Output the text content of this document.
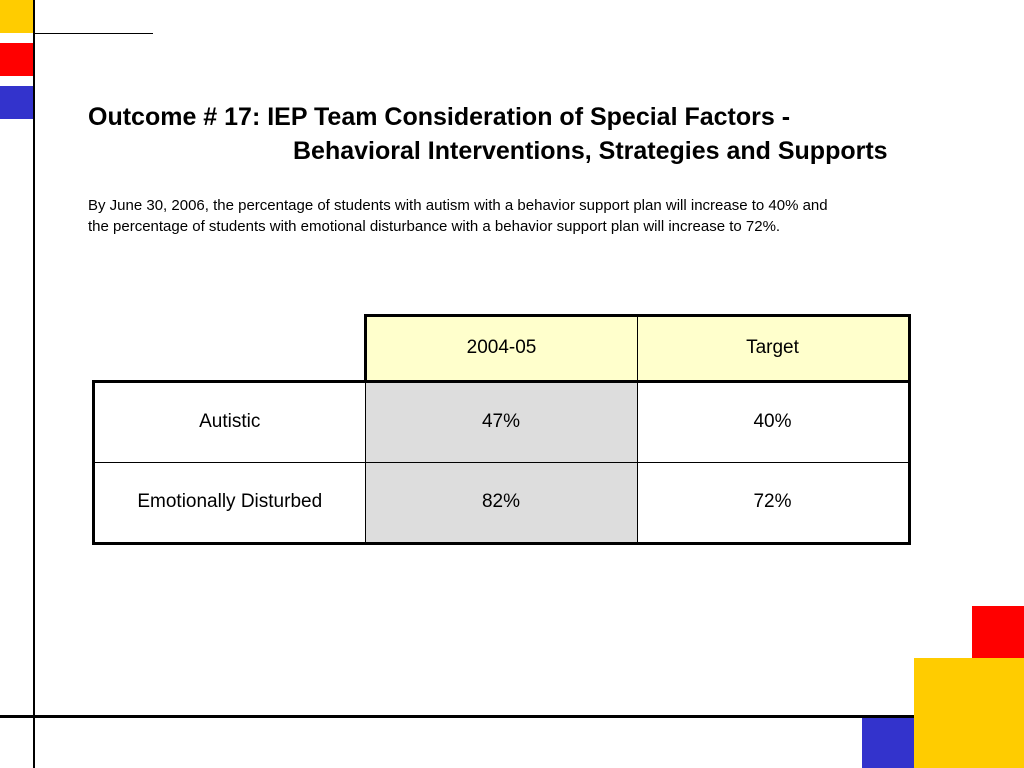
Outcome # 17: IEP Team Consideration of Special Factors -
Behavioral Interventions, Strategies and Supports
By June 30, 2006, the percentage of students with autism with a behavior support plan will increase to 40% and
the percentage of students with emotional disturbance with a behavior support plan will increase to 72%.
	2004-05	Target
Autistic	47%	40%
Emotionally Disturbed	82%	72%
